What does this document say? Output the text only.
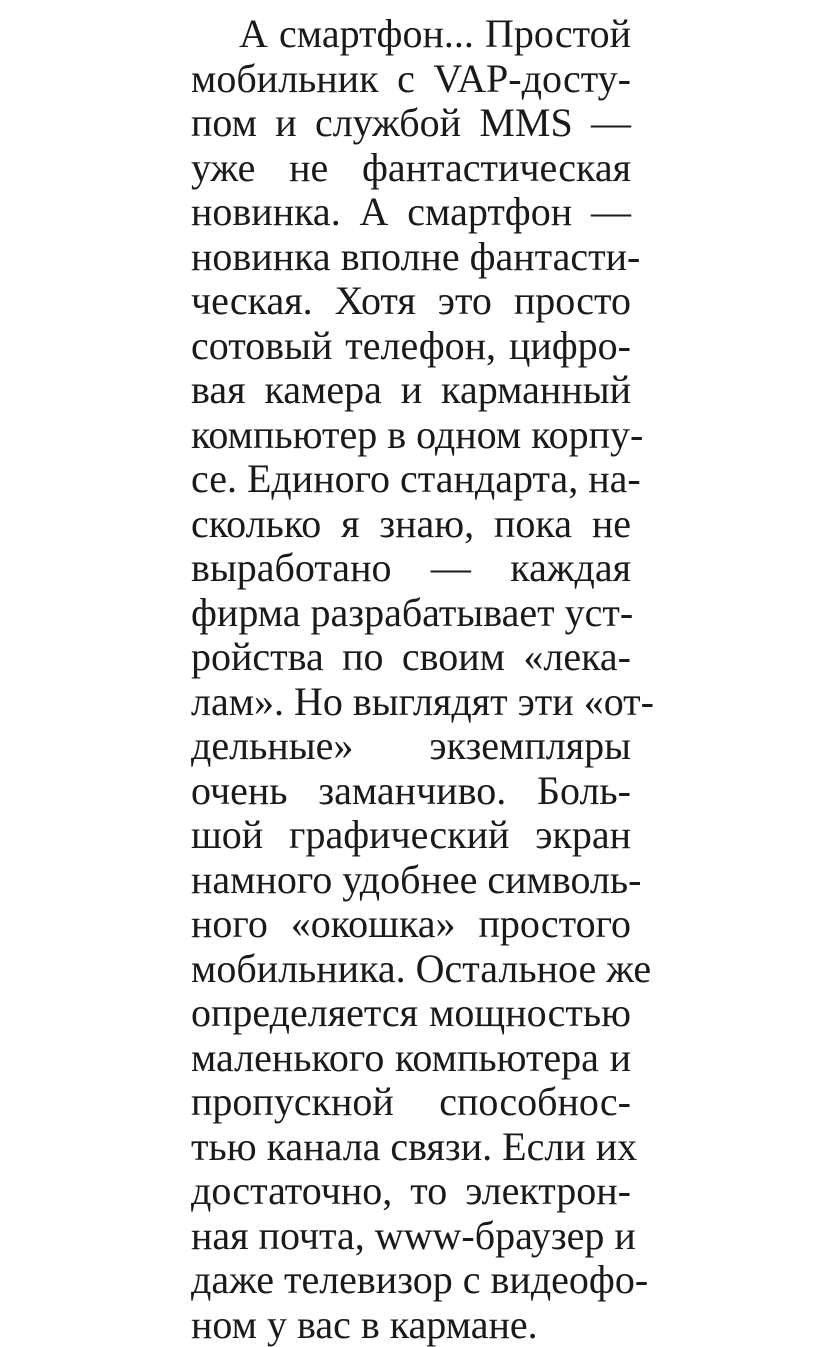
А смартфон... Простой
мобильник с VAP-досту-
пом и службой MMS —
уже не фантастическая
новинка. А смартфон —
новинка вполне фантасти-
ческая. Хотя это просто
сотовый телефон, цифро-
вая камера и карманный
компьютер в одном корпу-
се. Единого стандарта, на-
сколько я знаю, пока не
выработано — каждая
фирма разрабатывает уст-
ройства по своим «лека-
лам». Но выглядят эти «от-
дельные» экземпляры
очень заманчиво. Боль-
шой графический экран
намного удобнее символь-
ного «окошка» простого
мобильника. Остальное же
определяется мощностью
маленького компьютера и
пропускной способнос-
тью канала связи. Если их
достаточно, то электрон-
ная почта, www-браузер и
даже телевизор с видеофо-
ном у вас в кармане.
